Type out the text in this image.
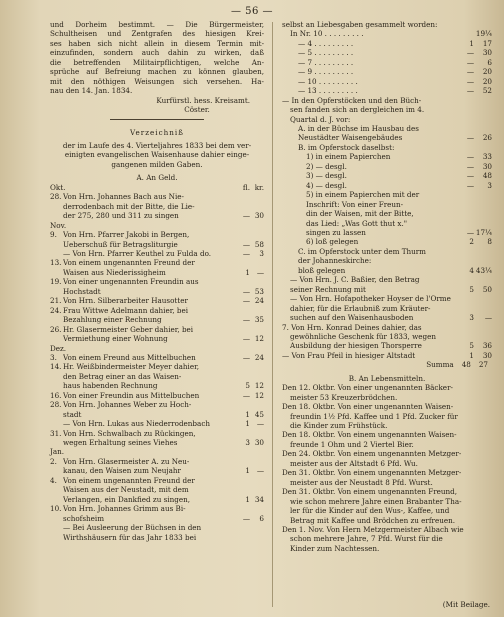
— 56 —
und Dorheim bestimmt. — Die Bürgermeister,
Schultheisen und Zentgrafen des hiesigen Krei-
ses haben sich nicht allein in diesem Termin mit-
einzufinden, sondern auch dahin zu wirken, daß
die betreffenden Militairpflichtigen, welche An-
sprüche auf Befreiung machen zu können glauben,
mit den nöthigen Weisungen sich versehen. Ha-
nau den 14. Jan. 1834.
Kurfürstl. hess. Kreisamt.
Cöster.
Verzeichniß
der im Laufe des 4. Vierteljahres 1833 bei dem ver-
einigten evangelischen Waisenhause dahier einge-
gangenen milden Gaben.
A. An Geld.
Okt.	fl. kr.
28. Von Hrn. Johannes Bach aus Nie-
derrodenbach mit der Bitte, die Lie-
der 275, 280 und 311 zu singen	— 30
Nov.
9. Von Hrn. Pfarrer Jakobi in Bergen,
Ueberschuß für Betragsliturgie	— 58
— Von Hrn. Pfarrer Keuthel zu Fulda do.	—	3
13. Von einem ungenannten Freund der
Waisen aus Niederissigheim	1 —
19. Von einer ungenannten Freundin aus
Hochstadt	— 53
21. Von Hrn. Silberarbeiter Hausotter	— 24
24. Frau Wittwe Adelmann dahier, bei
Bezahlung einer Rechnung	— 35
26. Hr. Glasermeister Geber dahier, bei
Vermiethung einer Wohnung	— 12
Dez.
3. Von einem Freund aus Mittelbuchen	— 24
14. Hr. Weißbindermeister Meyer dahier,
den Betrag einer an das Waisen-
haus habenden Rechnung	5 12
16. Von einer Freundin aus Mittelbuchen	— 12
28. Von Hrn. Johannes Weber zu Hoch-
stadt	1 45
— Von Hrn. Lukas aus Niederrodenbach	1 —
31. Von Hrn. Schwalbach zu Rückingen,
wegen Erhaltung seines Viehes	3 30
Jan.
2. Von Hrn. Glasermeister A. zu Neu-
kanau, den Waisen zum Neujahr	1 —
4. Von einem ungenannten Freund der
Waisen aus der Neustadt, mit dem
Verlangen, ein Dankfied zu singen,	1 34
10. Von Hrn. Johannes Grimm aus Bi-
schofsheim	—	6
— Bei Ausleerung der Büchsen in den
Wirthshäusern für das Jahr 1833 bei
selbst an Liebesgaben gesammelt worden:
In Nr. 10 . . . . . . . . .	19¼
— 4 . . . . . . . . .	1	17
— 5 . . . . . . . . .	—	30
— 7 . . . . . . . . .	—	6
— 9 . . . . . . . . .	—	20
— 10 . . . . . . . . .	—	20
— 13 . . . . . . . . .	—	52
— In den Opferstöcken und den Büch-
sen fanden sich an dergleichen im 4.
Quartal d. J. vor:
A. in der Büchse im Hausbau des
Neustädter Waisengebäudes	—	26
B. im Opferstock daselbst:
1) in einem Papierchen	—	33
2) — desgl.	—	30
3) — desgl.	—	48
4) — desgl.	—	3
5) in einem Papierchen mit der
Inschrift: Von einer Freun-
din der Waisen, mit der Bitte,
das Lied: „Was Gott thut x."
singen zu lassen	— 17¼
6) loß gelegen	2	8
C. im Opferstock unter dem Thurm
der Johanneskirche:
bloß gelegen	4 43¼
— Von Hrn. J. C. Baßier, den Betrag
seiner Rechnung mit	5	50
— Von Hrn. Hofapotheker Hoyser de l'Orme
dahier, für die Erlaubniß zum Kräuter-
suchen auf den Waisenhausboden	3	—
7. Von Hrn. Konrad Deines dahier, das
gewöhnliche Geschenk für 1833, wegen
Ausbildung der hiesigen Thorsperre	5	36
— Von Frau Pfeil in hiesiger Altstadt	1	30
Summa 48 27
B. An Lebensmitteln.
Den 12. Oktbr. Von einer ungenannten Bäcker-
meister 53 Kreuzerbrödchen.
Den 18. Oktbr. Von einer ungenannten Waisen-
freundin 1½ Pfd. Kaffee und 1 Pfd. Zucker für
die Kinder zum Frühstück.
Den 18. Oktbr. Von einem ungenannten Waisen-
freunde 1 Ohm und 2 Viertel Bier.
Den 24. Oktbr. Von einem ungenannten Metzger-
meister aus der Altstadt 6 Pfd. Wu.
Den 31. Oktbr. Von einem ungenannten Metzger-
meister aus der Neustadt 8 Pfd. Wurst.
Den 31. Oktbr. Von einem ungenannten Freund,
wie schon mehrere Jahre einen Brabanter Tha-
ler für die Kinder auf den Wus-, Kaffee, und
Betrag mit Kaffee und Brödchen zu erfreuen.
Den 1. Nov. Von Hern Metzgermeister Albach wie
schon mehrere Jahre, 7 Pfd. Wurst für die
Kinder zum Nachtessen.
(Mit Beilage.
